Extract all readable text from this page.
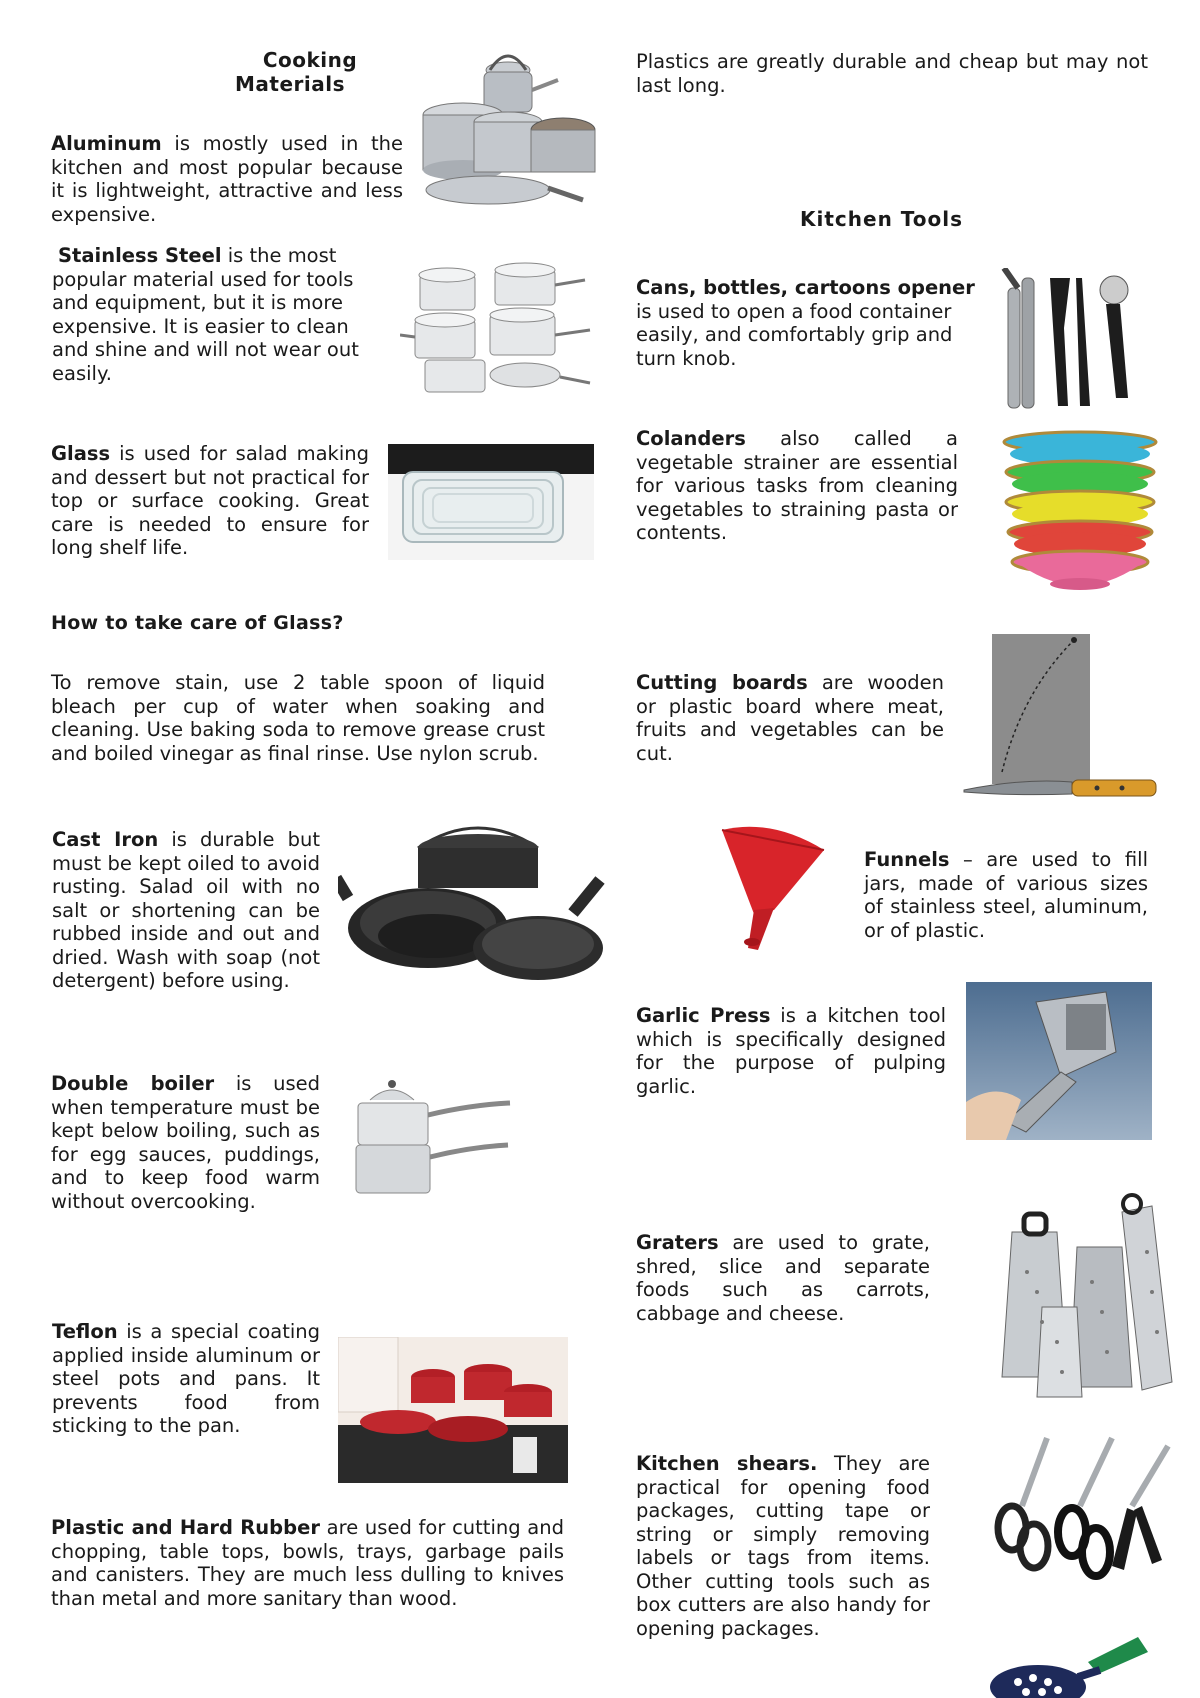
Cooking
Materials
Aluminum is mostly used in the kitchen and most popular because it is lightweight, attractive and less expensive.
Stainless Steel is the most popular material used for tools and equipment, but it is more expensive. It is easier to clean and shine and will not wear out easily.
Glass is used for salad making and dessert but not practical for top or surface cooking. Great care is needed to ensure for long shelf life.
How to take care of Glass?
To remove stain, use 2 table spoon of liquid bleach per cup of water when soaking and cleaning. Use baking soda to remove grease crust and boiled vinegar as final rinse. Use nylon scrub.
Cast Iron is durable but must be kept oiled to avoid rusting. Salad oil with no salt or shortening can be rubbed inside and out and dried. Wash with soap (not detergent) before using.
Double boiler is used when temperature must be kept below boiling, such as for egg sauces, puddings, and to keep food warm without overcooking.
Teflon is a special coating applied inside aluminum or steel pots and pans. It prevents food from sticking to the pan.
Plastic and Hard Rubber are used for cutting and chopping, table tops, bowls, trays, garbage pails and canisters. They are much less dulling to knives than metal and more sanitary than wood.
Plastics are greatly durable and cheap but may not last long.
Kitchen Tools
Cans, bottles, cartoons opener is used to open a food container easily, and comfortably grip and turn knob.
Colanders also called a vegetable strainer are essential for various tasks from cleaning vegetables to straining pasta or contents.
Cutting boards are wooden or plastic board where meat, fruits and vegetables can be cut.
Funnels – are used to fill jars, made of various sizes of stainless steel, aluminum, or of plastic.
Garlic Press is a kitchen tool which is specifically designed for the purpose of pulping garlic.
Graters are used to grate, shred, slice and separate foods such as carrots, cabbage and cheese.
Kitchen shears. They are practical for opening food packages, cutting tape or string or simply removing labels or tags from items. Other cutting tools such as box cutters are also handy for opening packages.
